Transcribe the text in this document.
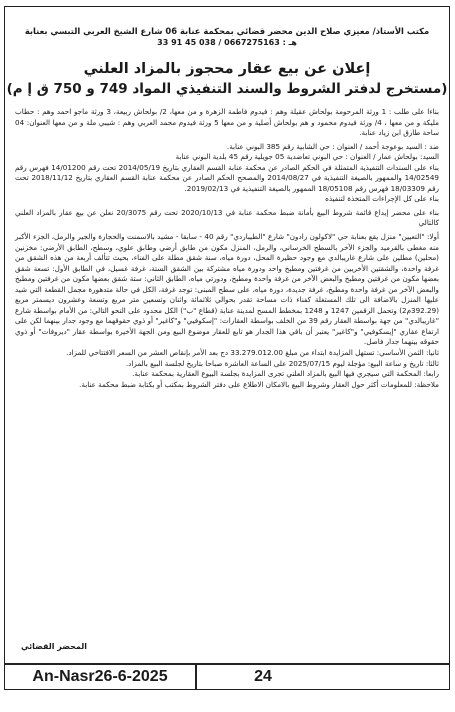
مكتب الأستاذ/ معيزي صلاح الدين محضر قضائي بمحكمة عنابة 06 شارع الشيخ العربي التبسي بعنابة
هـ : 0667275163 / 038 45 91 33
إعلان عن بيع عقار محجوز بالمزاد العلني
(مستخرج لدفتر الشروط والسند التنفيذي المواد 749 و 750 ق إ م)

بناءا على طلب : 1 ورثة المرحومة بولحاش عقيلة وهم : فيدوم فاطمة الزهرة و من معها، 2/ بولحاش ربيعة، 3 ورثة ماجو احمد وهم : حطاب مليكة و من معها ، 4/ ورثة فيدوم محمود و هم بولحاش أصلية و من معها 5 ورثة فيدوم محمد العربي وهم : شيبي ملة و من معها العنوان: 04 ساحة طارق ابن زياد عنابة.

ضد : السيد بوعوجة أحمد / العنوان : حي الشابية رقم 385 البوني عنابة.

السيد: بولحاش عمار / العنوان : حي البوني تعاضدية 05 جويلية رقم 45 بلدية البوني عنابة

بناء على السندات التنفيذية المتمثلة في الحكم الصادر عن محكمة عنابة القسم العقاري بتاريخ 2014/05/19 تحت رقم 14/01200 فهرس رقم 14/02549 والممهور بالصيغة التنفيذية في 2014/08/27 والمصحح الحكم الصادر عن محكمة عنابة القسم العقاري بتاريخ 2018/11/12 تحت رقم 18/03309 فهرس رقم 18/05108 الممهور بالصيغة التنفيذية في 2019/02/13.

بناء على كل الإجراءات المتخذة لتنفيذه

بناء على محضر إيداع قائمة شروط البيع بأمانة ضبط محكمة عنابة في 2020/10/13 تحت رقم 20/3075 نعلن عن بيع عقار بالمزاد العلني كالتالي

أولا: "التعيين" منزل يقع بعنابة حي "لاكولون رادون" شارع "الطيباردي" رقم 40 - سابقا - مشيد بالاسمنت والحجارة والجير والرمل، الجزء الأكبر منه مغطى بالقرميد والجزء الآخر بالسطح الخرساني، والرمل، المنزل مكون من طابق أرضي وطابق علوي، وسطح، الطابق الأرضي: مخزنين (محلين) مطلين على شارع غاريبالدي مع وجود حظيرة المحل، دورة مياه، سنة شقق مطلة على الفناء، بحيث تتألف أربعة من هذه الشقق من غرفة واحدة، والشقتين الأخريين من غرفتين ومطبخ واحد ودورة مياه مشتركة بين الشقق الستة، غرفة غسيل، في الطابق الأول: تسعة شقق بعضها مكون من غرفتين ومطبخ والبعض الآخر من غرفة واحدة ومطبخ، ودورتي مياه، الطابق الثاني: ستة شقق بعضها مكون من غرفتين ومطبخ والبعض الآخر من غرفة واحدة ومطبخ، غرفة جديدة، دورة مياه، على سطح المبنى: توجد غرفة، الكل في حالة متدهورة مجمل القطعة التي شيد عليها المنزل بالاضافة الى تلك المستغلة كفناء ذات مساحة تقدر بحوالي ثلاثمائة واثنان وتسعين متر مربع وتسعة وعشرون ديسمتر مربع (392.29م2) وتحمل الرقمين 1247 و 1248 بمخطط المسح لمدينة عنابة (قطاع "ب") الكل محدود على النحو التالي: من الأمام بواسطة شارع "غاريبالدي" من جهة بواسطة العقار رقم 39 من الخلف بواسطة العقارات: "إسكوفيي" و"كاغير" أو ذوي حقوقهما مع وجود جدار بينهما لكن على ارتفاع عقاري "إيسكوفيي" و"كاغير" يعتبر أن باقي هذا الجدار هو تابع للعقار موضوع البيع ومن الجهة الأخيرة بواسطة عقار "ديروفات" أو ذوي حقوقه بينهما جدار فاصل.

ثانيا: الثمن الأساسي: تستهل المزايدة ابتداء من مبلغ 33.279.012.00 دج بعد الأمر بإنقاص العشر من السعر الافتتاحي للمزاد.

ثالثا: تاريخ و ساعة البيع: مؤجلة ليوم 2025/07/15 على الساعة العاشرة صباحا بتاريخ لجلسة البيع بالمزاد.

رابعا: المحكمة التي سيجري فيها البيع بالمزاد العلني تجرى المزايدة بجلسة البيوع العقارية بمحكمة عنابة.

ملاحظة: للمعلومات أكثر حول العقار وشروط البيع بالامكان الاطلاع على دفتر الشروط بمكتب أو بكتابة ضبط محكمة عنابة.

المحضر القضائي
An-Nasr26-6-2025	24
